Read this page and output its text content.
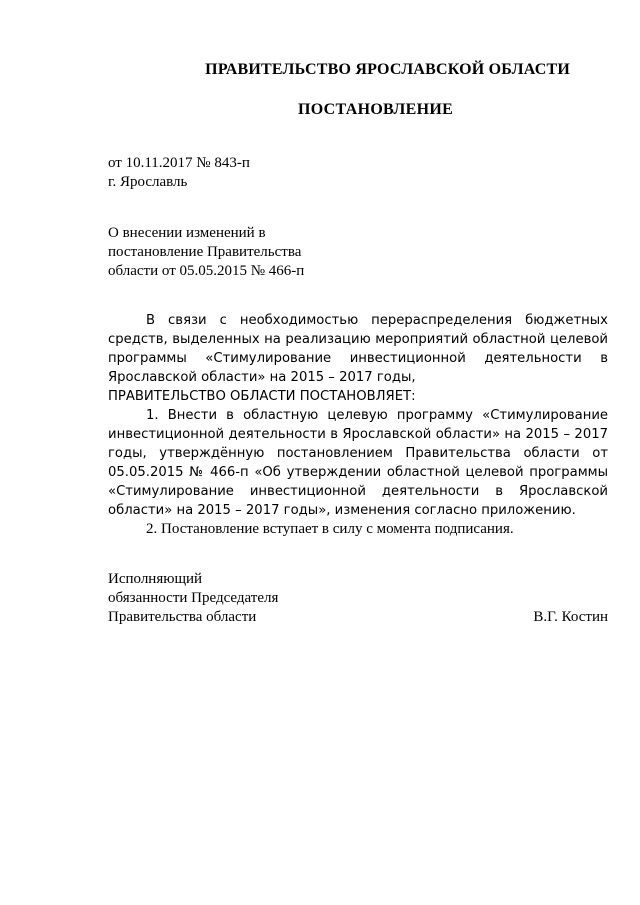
ПРАВИТЕЛЬСТВО ЯРОСЛАВСКОЙ ОБЛАСТИ
ПОСТАНОВЛЕНИЕ
от 10.11.2017 № 843-п
г. Ярославль
О внесении изменений в
постановление Правительства
области от 05.05.2015 № 466-п

В связи с необходимостью перераспределения бюджетных средств, выделенных на реализацию мероприятий областной целевой программы «Стимулирование инвестиционной деятельности в Ярославской области» на 2015 – 2017 годы,

ПРАВИТЕЛЬСТВО ОБЛАСТИ ПОСТАНОВЛЯЕТ:

1. Внести в областную целевую программу «Стимулирование инвестиционной деятельности в Ярославской области» на 2015 – 2017 годы, утверждённую постановлением Правительства области от 05.05.2015 № 466-п «Об утверждении областной целевой программы «Стимулирование инвестиционной деятельности в Ярославской области» на 2015 – 2017 годы», изменения согласно приложению.

2. Постановление вступает в силу с момента подписания.

Исполняющий
обязанности Председателя
Правительства области	В.Г. Костин
